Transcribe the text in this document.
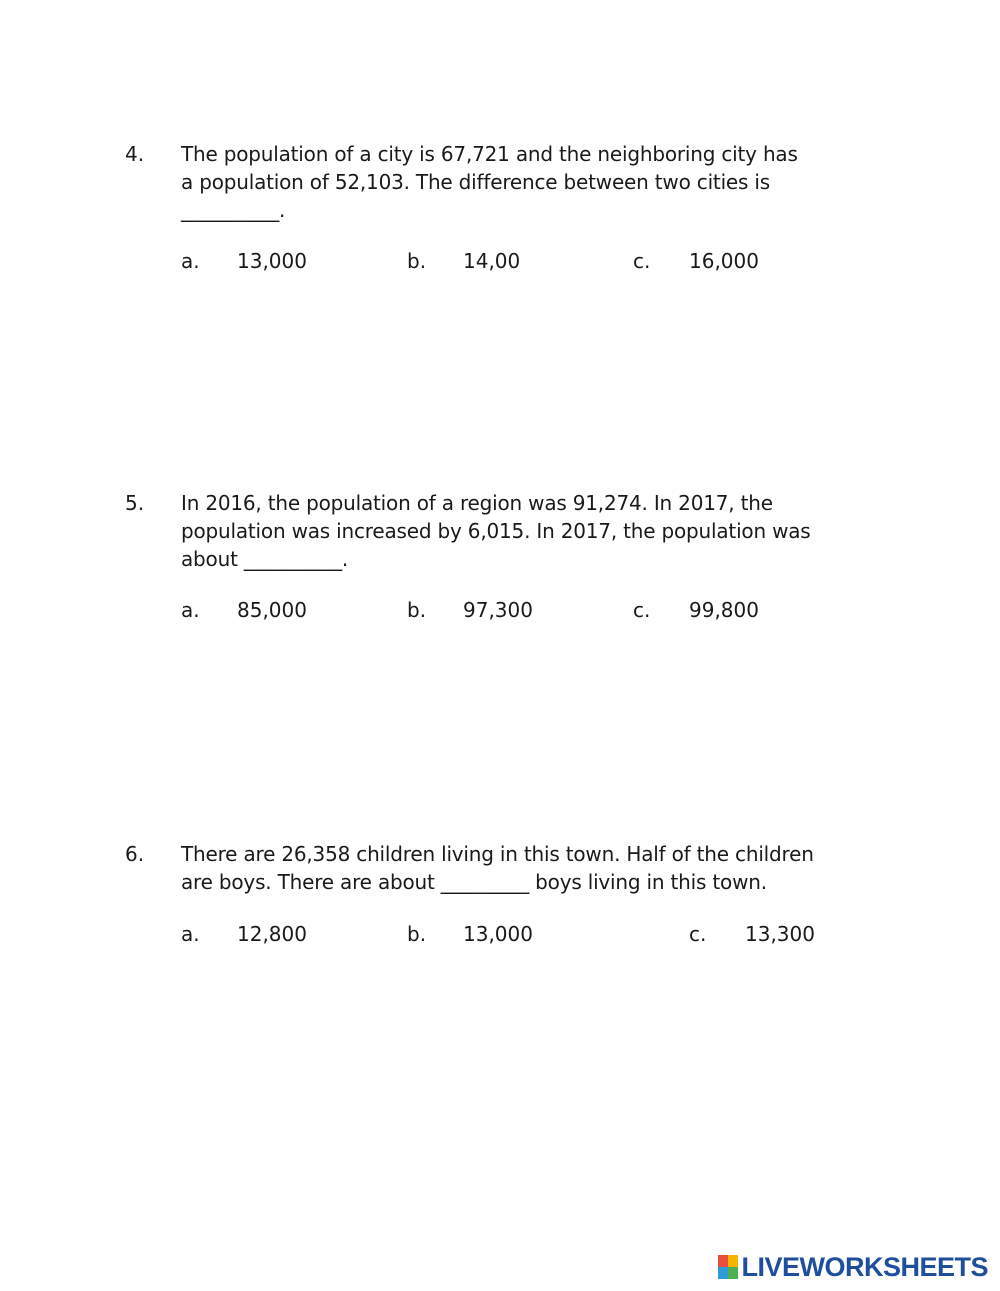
4. The population of a city is 67,721 and the neighboring city has
a population of 52,103. The difference between two cities is
__________.
a. 13,000	b. 14,00	c. 16,000
5. In 2016, the population of a region was 91,274. In 2017, the
population was increased by 6,015. In 2017, the population was
about __________.
a. 85,000	b. 97,300	c. 99,800
6. There are 26,358 children living in this town. Half of the children
are boys. There are about _________ boys living in this town.
a. 12,800	b. 13,000	c. 13,300
LIVEWORKSHEETS
